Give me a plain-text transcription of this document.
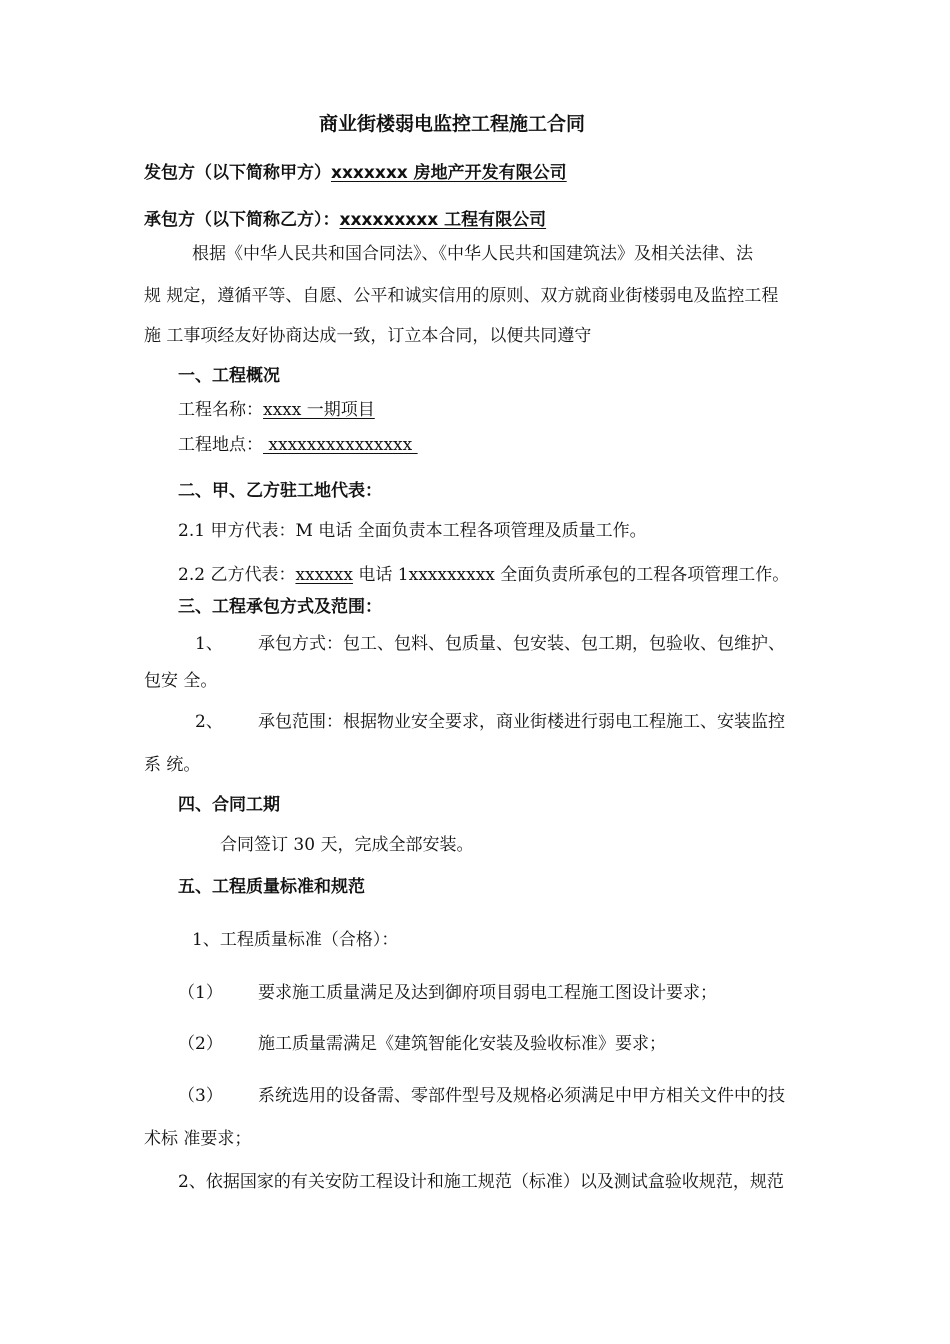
商业街楼弱电监控工程施工合同
发包方（以下简称甲方）xxxxxxx 房地产开发有限公司
承包方（以下简称乙方）：xxxxxxxxx 工程有限公司
根据《中华人民共和国合同法》、《中华人民共和国建筑法》及相关法律、法
规 规定，遵循平等、自愿、公平和诚实信用的原则、双方就商业街楼弱电及监控工程
施 工事项经友好协商达成一致，订立本合同，以便共同遵守
一、工程概况
工程名称：xxxx 一期项目
工程地点： xxxxxxxxxxxxxxx
二、甲、乙方驻工地代表：
2.1 甲方代表：M 电话 全面负责本工程各项管理及质量工作。
2.2 乙方代表：xxxxxx 电话 1xxxxxxxxx 全面负责所承包的工程各项管理工作。
三、工程承包方式及范围：
1、 承包方式：包工、包料、包质量、包安装、包工期，包验收、包维护、
包安 全。
2、 承包范围：根据物业安全要求，商业街楼进行弱电工程施工、安装监控
系 统。
四、合同工期
合同签订 30 天，完成全部安装。
五、工程质量标准和规范
1、工程质量标准（合格）：
（1） 要求施工质量满足及达到御府项目弱电工程施工图设计要求；
（2） 施工质量需满足《建筑智能化安装及验收标准》要求；
（3） 系统选用的设备需、零部件型号及规格必须满足中甲方相关文件中的技
术标 准要求；
2、依据国家的有关安防工程设计和施工规范（标准）以及测试盒验收规范，规范
